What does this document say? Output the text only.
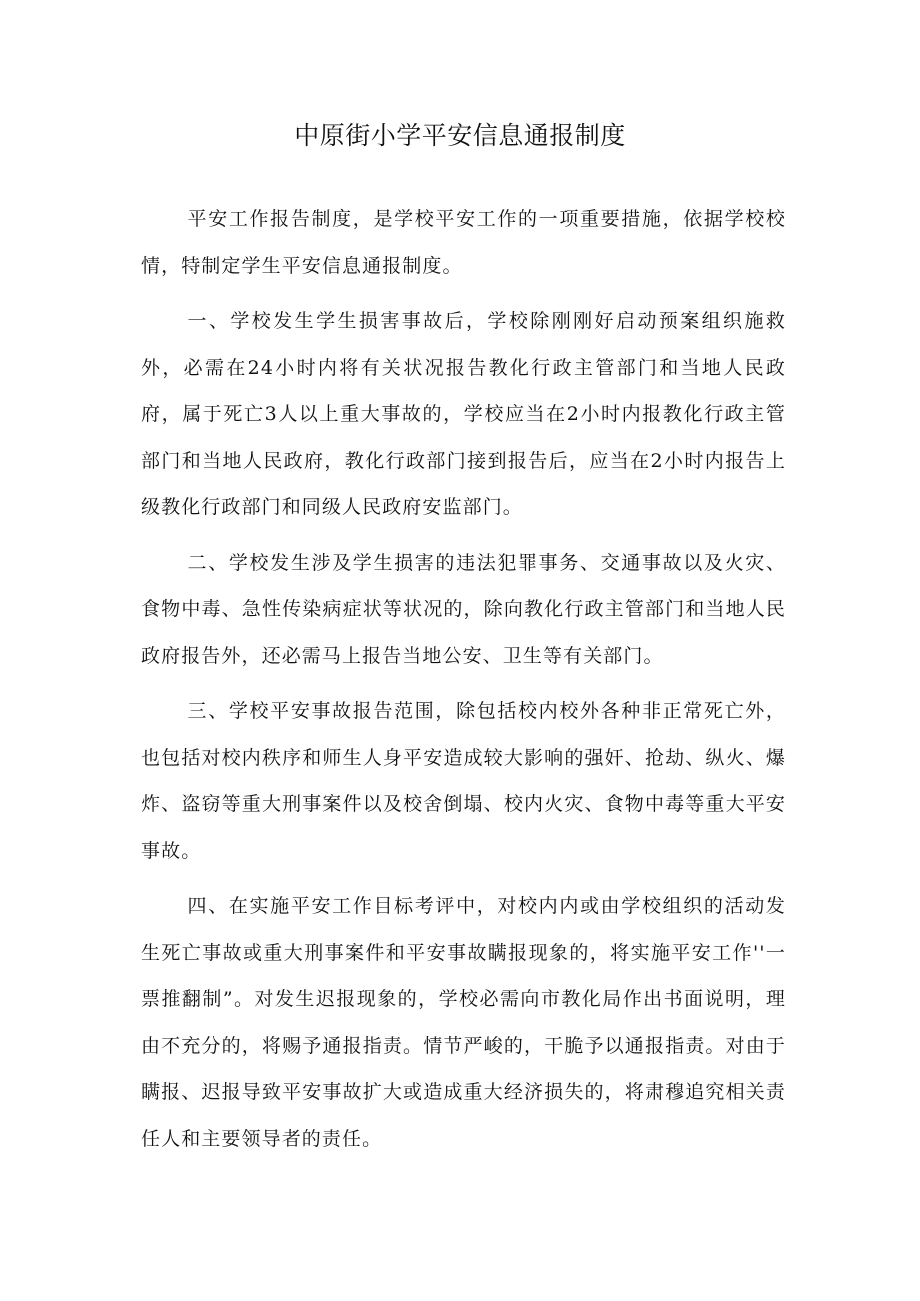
中原街小学平安信息通报制度

平安工作报告制度，是学校平安工作的一项重要措施，依据学校校情，特制定学生平安信息通报制度。

一、学校发生学生损害事故后，学校除刚刚好启动预案组织施救外，必需在24小时内将有关状况报告教化行政主管部门和当地人民政府，属于死亡3人以上重大事故的，学校应当在2小时内报教化行政主管部门和当地人民政府，教化行政部门接到报告后，应当在2小时内报告上级教化行政部门和同级人民政府安监部门。

二、学校发生涉及学生损害的违法犯罪事务、交通事故以及火灾、食物中毒、急性传染病症状等状况的，除向教化行政主管部门和当地人民政府报告外，还必需马上报告当地公安、卫生等有关部门。

三、学校平安事故报告范围，除包括校内校外各种非正常死亡外，也包括对校内秩序和师生人身平安造成较大影响的强奸、抢劫、纵火、爆炸、盗窃等重大刑事案件以及校舍倒塌、校内火灾、食物中毒等重大平安事故。

四、在实施平安工作目标考评中，对校内内或由学校组织的活动发生死亡事故或重大刑事案件和平安事故瞒报现象的，将实施平安工作''一票推翻制”。对发生迟报现象的，学校必需向市教化局作出书面说明，理由不充分的，将赐予通报指责。情节严峻的，干脆予以通报指责。对由于瞒报、迟报导致平安事故扩大或造成重大经济损失的，将肃穆追究相关责任人和主要领导者的责任。
